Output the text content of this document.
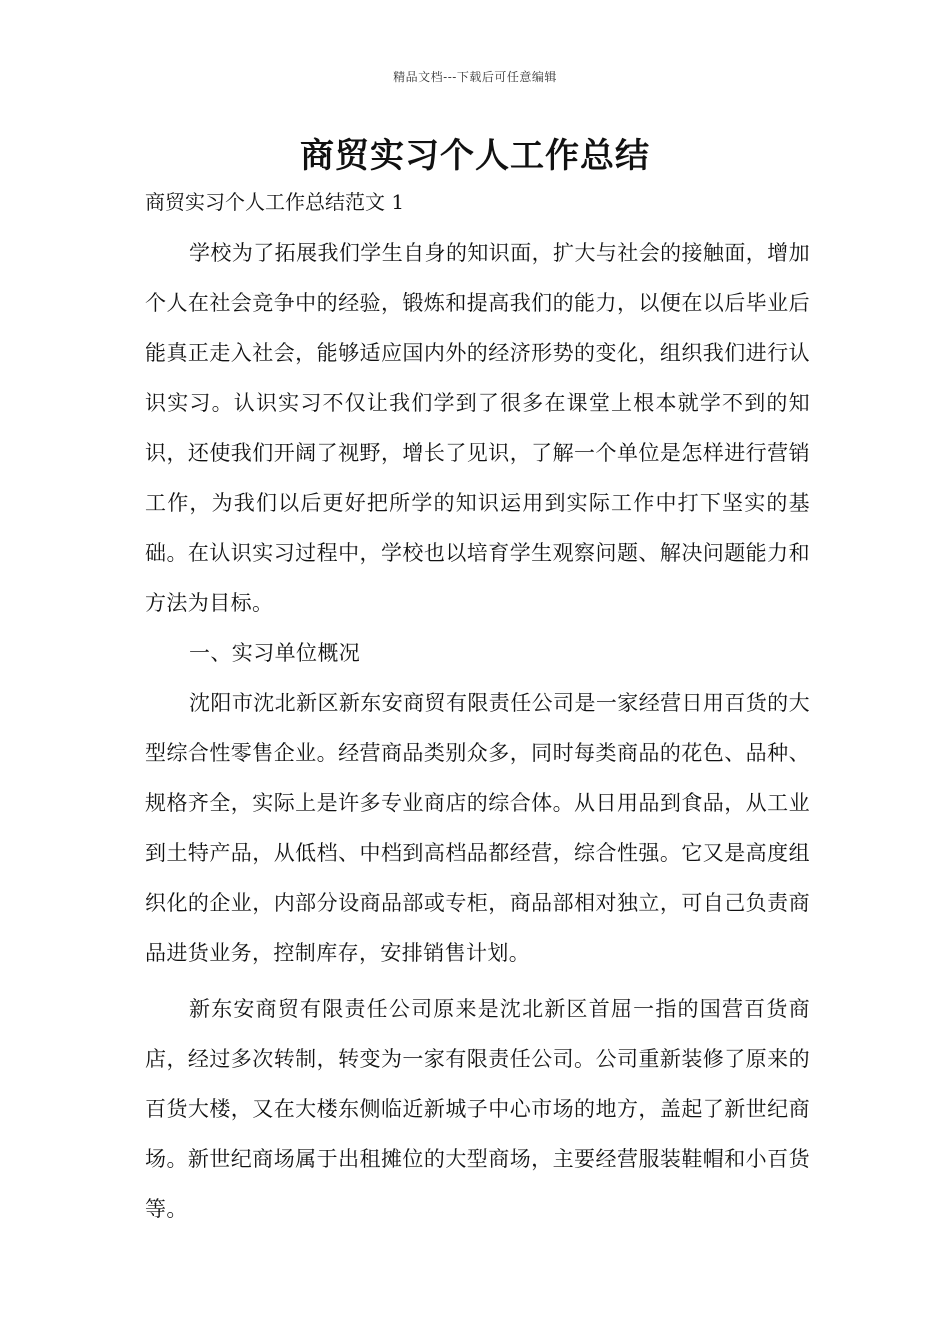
精品文档---下载后可任意编辑
商贸实习个人工作总结
商贸实习个人工作总结范文 1

学校为了拓展我们学生自身的知识面，扩大与社会的接触面，增加个人在社会竞争中的经验，锻炼和提高我们的能力，以便在以后毕业后能真正走入社会，能够适应国内外的经济形势的变化，组织我们进行认识实习。认识实习不仅让我们学到了很多在课堂上根本就学不到的知识，还使我们开阔了视野，增长了见识，了解一个单位是怎样进行营销工作，为我们以后更好把所学的知识运用到实际工作中打下坚实的基础。在认识实习过程中，学校也以培育学生观察问题、解决问题能力和方法为目标。

一、实习单位概况

沈阳市沈北新区新东安商贸有限责任公司是一家经营日用百货的大型综合性零售企业。经营商品类别众多，同时每类商品的花色、品种、规格齐全，实际上是许多专业商店的综合体。从日用品到食品，从工业到土特产品，从低档、中档到高档品都经营，综合性强。它又是高度组织化的企业，内部分设商品部或专柜，商品部相对独立，可自己负责商品进货业务，控制库存，安排销售计划。

新东安商贸有限责任公司原来是沈北新区首屈一指的国营百货商店，经过多次转制，转变为一家有限责任公司。公司重新装修了原来的百货大楼，又在大楼东侧临近新城子中心市场的地方，盖起了新世纪商场。新世纪商场属于出租摊位的大型商场，主要经营服装鞋帽和小百货等。
